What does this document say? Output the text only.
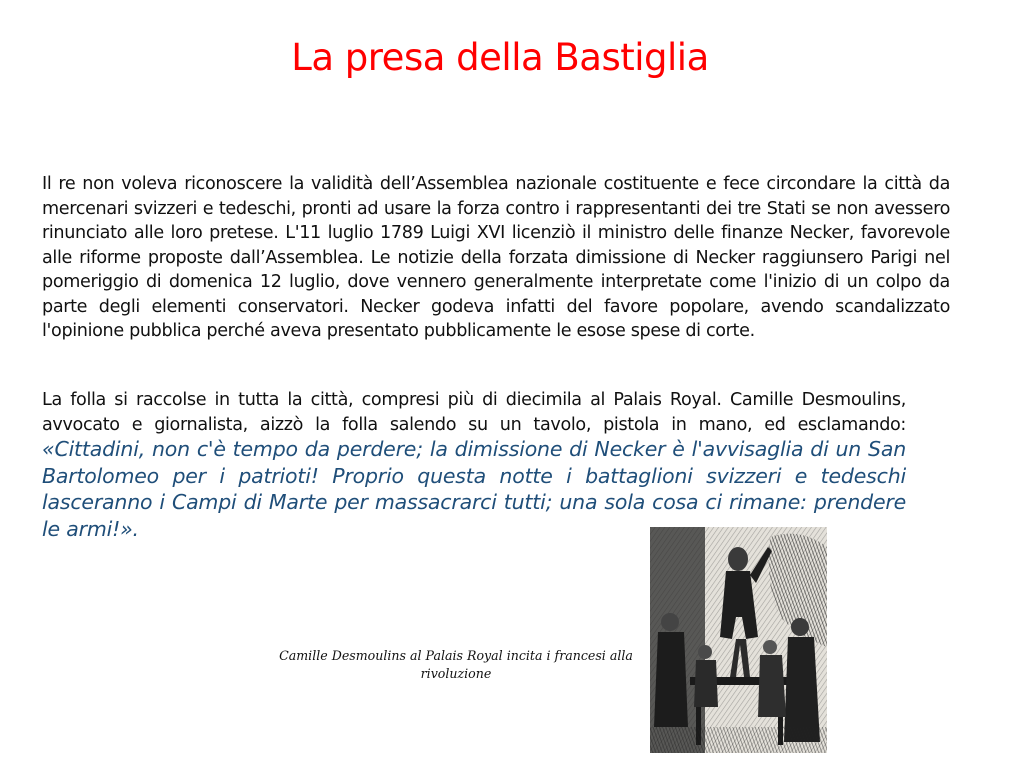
La presa della Bastiglia

Il re non voleva riconoscere la validità dell’Assemblea nazionale costituente e fece circondare la città da mercenari svizzeri e tedeschi, pronti ad usare la forza contro i rappresentanti dei tre Stati se non avessero rinunciato alle loro pretese. L'11 luglio 1789 Luigi XVI licenziò il ministro delle finanze Necker, favorevole alle riforme proposte dall’Assemblea. Le notizie della forzata dimissione di Necker raggiunsero Parigi nel pomeriggio di domenica 12 luglio, dove vennero generalmente interpretate come l'inizio di un colpo da parte degli elementi conservatori. Necker godeva infatti del favore popolare, avendo scandalizzato l'opinione pubblica perché aveva presentato pubblicamente le esose spese di corte.

La folla si raccolse in tutta la città, compresi più di diecimila al Palais Royal. Camille Desmoulins, avvocato e giornalista, aizzò la folla salendo su un tavolo, pistola in mano, ed esclamando: «Cittadini, non c'è tempo da perdere; la dimissione di Necker è l'avvisaglia di un San Bartolomeo per i patrioti! Proprio questa notte i battaglioni svizzeri e tedeschi lasceranno i Campi di Marte per massacrarci tutti; una sola cosa ci rimane: prendere le armi!».

Camille Desmoulins al Palais Royal incita i francesi alla rivoluzione
